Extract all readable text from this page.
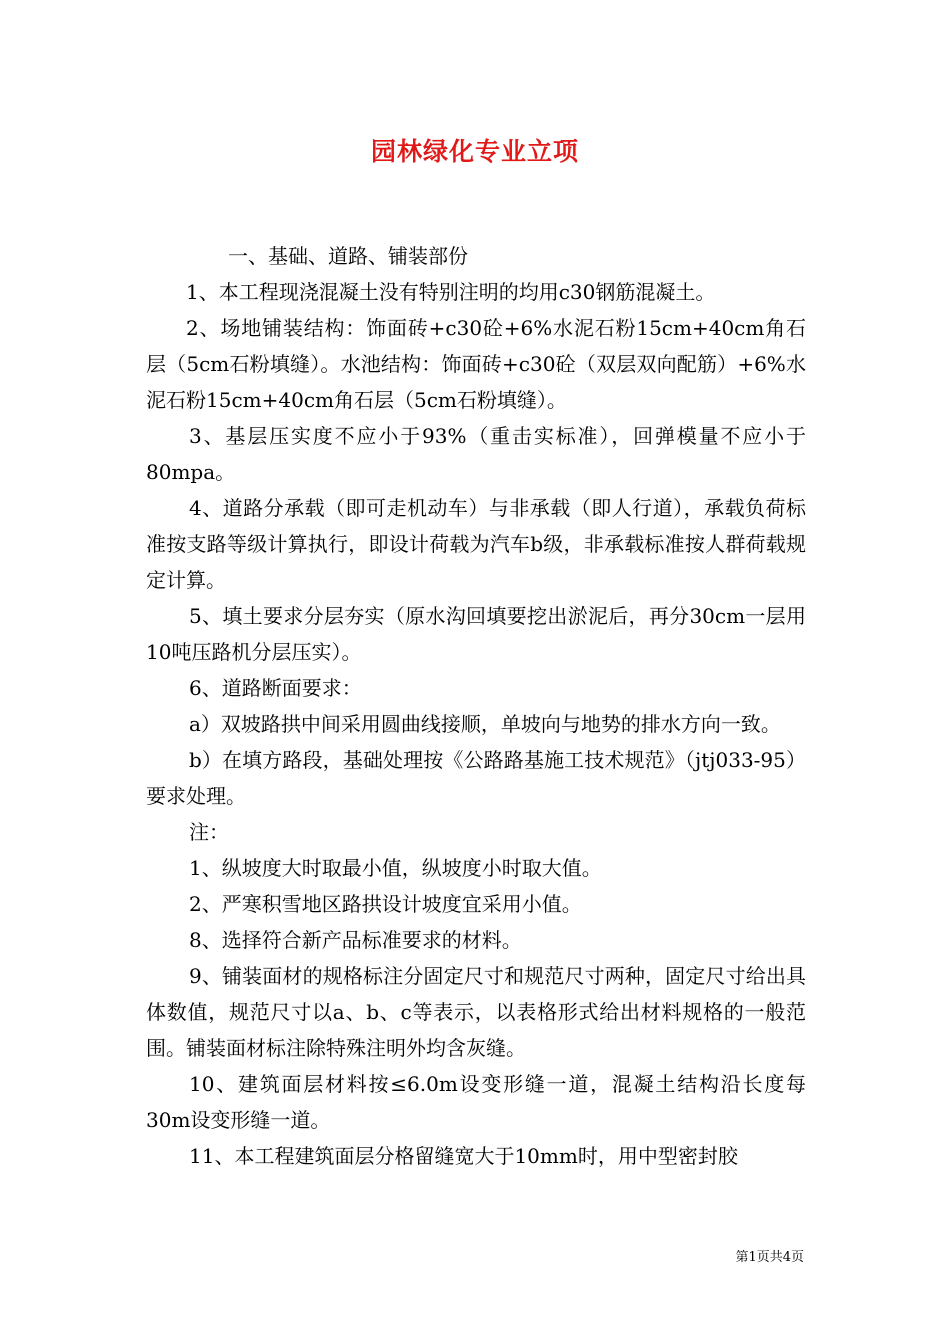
园林绿化专业立项

一、基础、道路、铺装部份

1、本工程现浇混凝土没有特别注明的均用c30钢筋混凝土。

2、场地铺装结构：饰面砖+c30砼+6%水泥石粉15cm+40cm角石层（5cm石粉填缝）。水池结构：饰面砖+c30砼（双层双向配筋）+6%水泥石粉15cm+40cm角石层（5cm石粉填缝）。

3、基层压实度不应小于93%（重击实标准），回弹模量不应小于80mpa。

4、道路分承载（即可走机动车）与非承载（即人行道），承载负荷标准按支路等级计算执行，即设计荷载为汽车b级，非承载标准按人群荷载规定计算。

5、填土要求分层夯实（原水沟回填要挖出淤泥后，再分30cm一层用10吨压路机分层压实）。

6、道路断面要求：

a）双坡路拱中间采用圆曲线接顺，单坡向与地势的排水方向一致。

b）在填方路段，基础处理按《公路路基施工技术规范》（jtj033-95）要求处理。

注：

1、纵坡度大时取最小值，纵坡度小时取大值。

2、严寒积雪地区路拱设计坡度宜采用小值。

8、选择符合新产品标准要求的材料。

9、铺装面材的规格标注分固定尺寸和规范尺寸两种，固定尺寸给出具体数值，规范尺寸以a、b、c等表示，以表格形式给出材料规格的一般范围。铺装面材标注除特殊注明外均含灰缝。

10、建筑面层材料按≤6.0m设变形缝一道，混凝土结构沿长度每30m设变形缝一道。

11、本工程建筑面层分格留缝宽大于10mm时，用中型密封胶

第1页共4页
